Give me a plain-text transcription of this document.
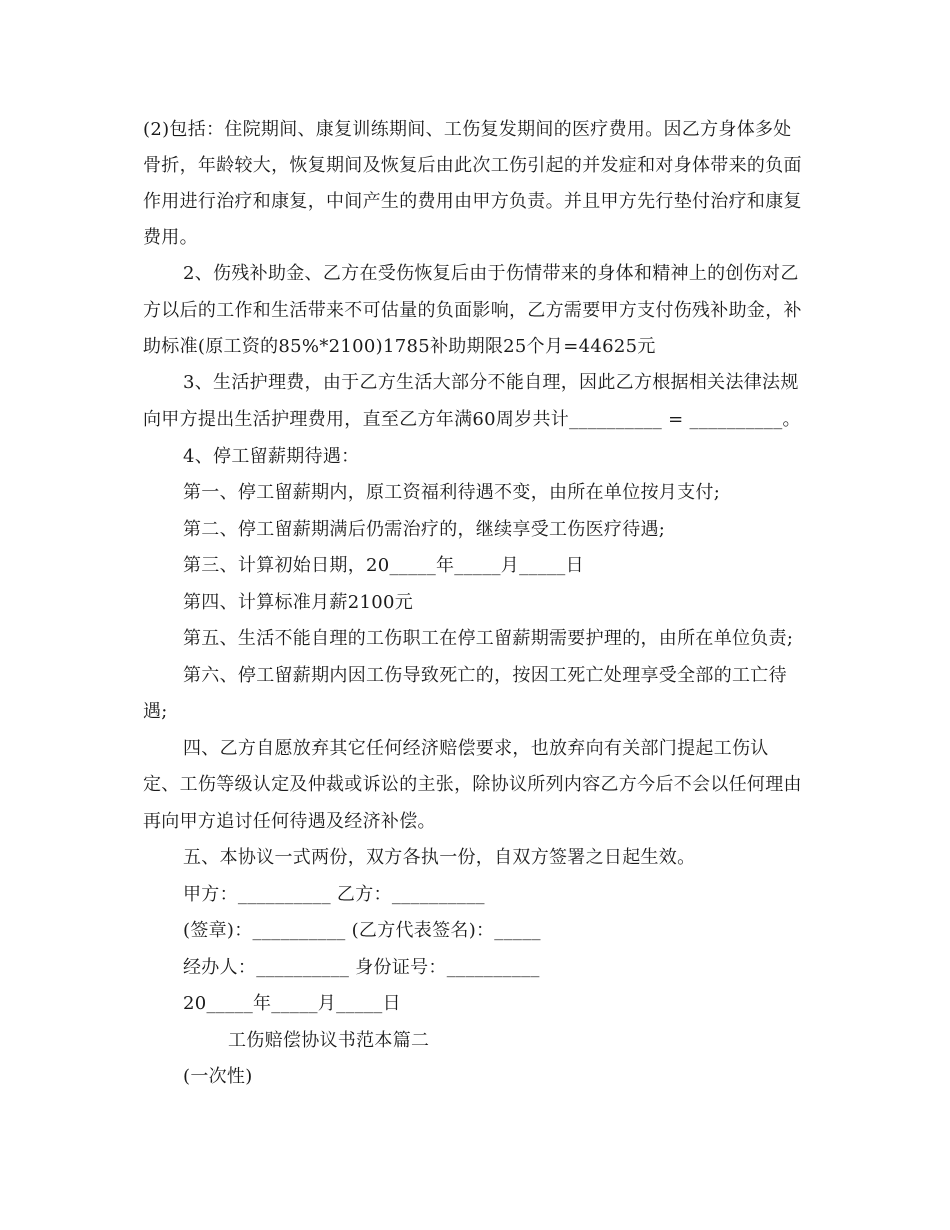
(2)包括：住院期间、康复训练期间、工伤复发期间的医疗费用。因乙方身体多处
骨折，年龄较大，恢复期间及恢复后由此次工伤引起的并发症和对身体带来的负面
作用进行治疗和康复，中间产生的费用由甲方负责。并且甲方先行垫付治疗和康复
费用。
2、伤残补助金、乙方在受伤恢复后由于伤情带来的身体和精神上的创伤对乙
方以后的工作和生活带来不可估量的负面影响，乙方需要甲方支付伤残补助金，补
助标准(原工资的85%*2100)1785补助期限25个月=44625元
3、生活护理费，由于乙方生活大部分不能自理，因此乙方根据相关法律法规
向甲方提出生活护理费用，直至乙方年满60周岁共计__________ = __________。
4、停工留薪期待遇：
第一、停工留薪期内，原工资福利待遇不变，由所在单位按月支付;
第二、停工留薪期满后仍需治疗的，继续享受工伤医疗待遇;
第三、计算初始日期，20_____年_____月_____日
第四、计算标准月薪2100元
第五、生活不能自理的工伤职工在停工留薪期需要护理的，由所在单位负责;
第六、停工留薪期内因工伤导致死亡的，按因工死亡处理享受全部的工亡待
遇;
四、乙方自愿放弃其它任何经济赔偿要求，也放弃向有关部门提起工伤认
定、工伤等级认定及仲裁或诉讼的主张，除协议所列内容乙方今后不会以任何理由
再向甲方追讨任何待遇及经济补偿。
五、本协议一式两份，双方各执一份，自双方签署之日起生效。
甲方：__________ 乙方：__________
(签章)：__________ (乙方代表签名)：_____
经办人：__________ 身份证号：__________
20_____年_____月_____日
工伤赔偿协议书范本篇二
(一次性)
